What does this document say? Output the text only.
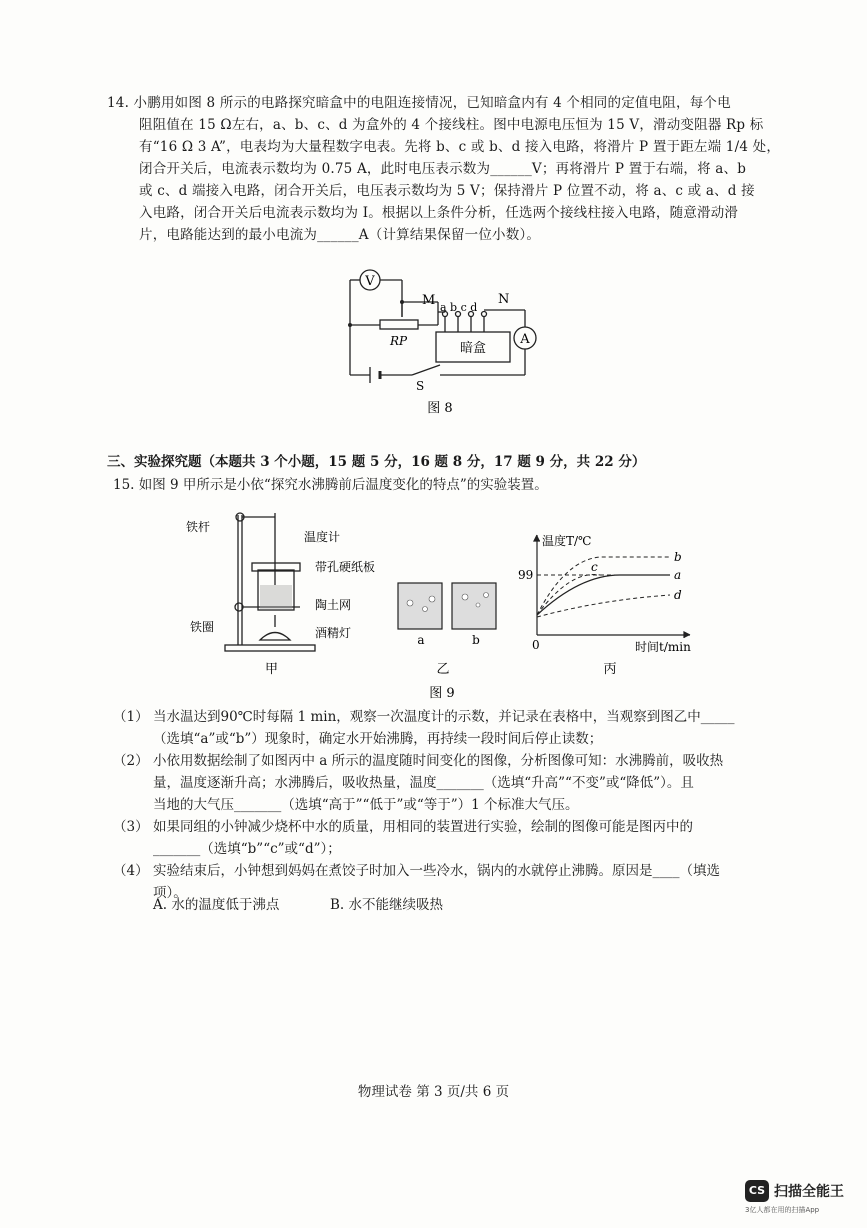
14. 小鹏用如图 8 所示的电路探究暗盒中的电阻连接情况，已知暗盒内有 4 个相同的定值电阻，每个电
阻阻值在 15 Ω左右，a、b、c、d 为盒外的 4 个接线柱。图中电源电压恒为 15 V，滑动变阻器 Rp 标
有“16 Ω 3 A”，电表均为大量程数字电表。先将 b、c 或 b、d 接入电路，将滑片 P 置于距左端 1/4 处，
闭合开关后，电流表示数均为 0.75 A，此时电压表示数为______V；再将滑片 P 置于右端，将 a、b
或 c、d 端接入电路，闭合开关后，电压表示数均为 5 V；保持滑片 P 位置不动，将 a、c 或 a、d 接
入电路，闭合开关后电流表示数均为 I。根据以上条件分析，任选两个接线柱接入电路，随意滑动滑
片，电路能达到的最小电流为______A（计算结果保留一位小数）。
V
A
M	N
a b c d
RP	暗盒
S
图 8
三、实验探究题（本题共 3 个小题，15 题 5 分，16 题 8 分，17 题 9 分，共 22 分）
15. 如图 9 甲所示是小依“探究水沸腾前后温度变化的特点”的实验装置。
铁杆
温度计
带孔硬纸板
陶土网
铁圈	酒精灯
甲
a	b
乙
温度T/℃
99
0	时间t/min
a
b
c
d
丙
图 9
（1） 当水温达到90℃时每隔 1 min，观察一次温度计的示数，并记录在表格中，当观察到图乙中_____
（选填“a”或“b”）现象时，确定水开始沸腾，再持续一段时间后停止读数；
（2） 小依用数据绘制了如图丙中 a 所示的温度随时间变化的图像，分析图像可知：水沸腾前，吸收热
量，温度逐渐升高；水沸腾后，吸收热量，温度_______（选填“升高”“不变”或“降低”）。且
当地的大气压_______（选填“高于”“低于”或“等于”）1 个标准大气压。
（3） 如果同组的小钟减少烧杯中水的质量，用相同的装置进行实验，绘制的图像可能是图丙中的
_______（选填“b”“c”或“d”）；
（4） 实验结束后，小钟想到妈妈在煮饺子时加入一些冷水，锅内的水就停止沸腾。原因是____（填选
项）。
A. 水的温度低于沸点	B. 水不能继续吸热
物理试卷 第 3 页/共 6 页
CS 扫描全能王
3亿人都在用的扫描App
